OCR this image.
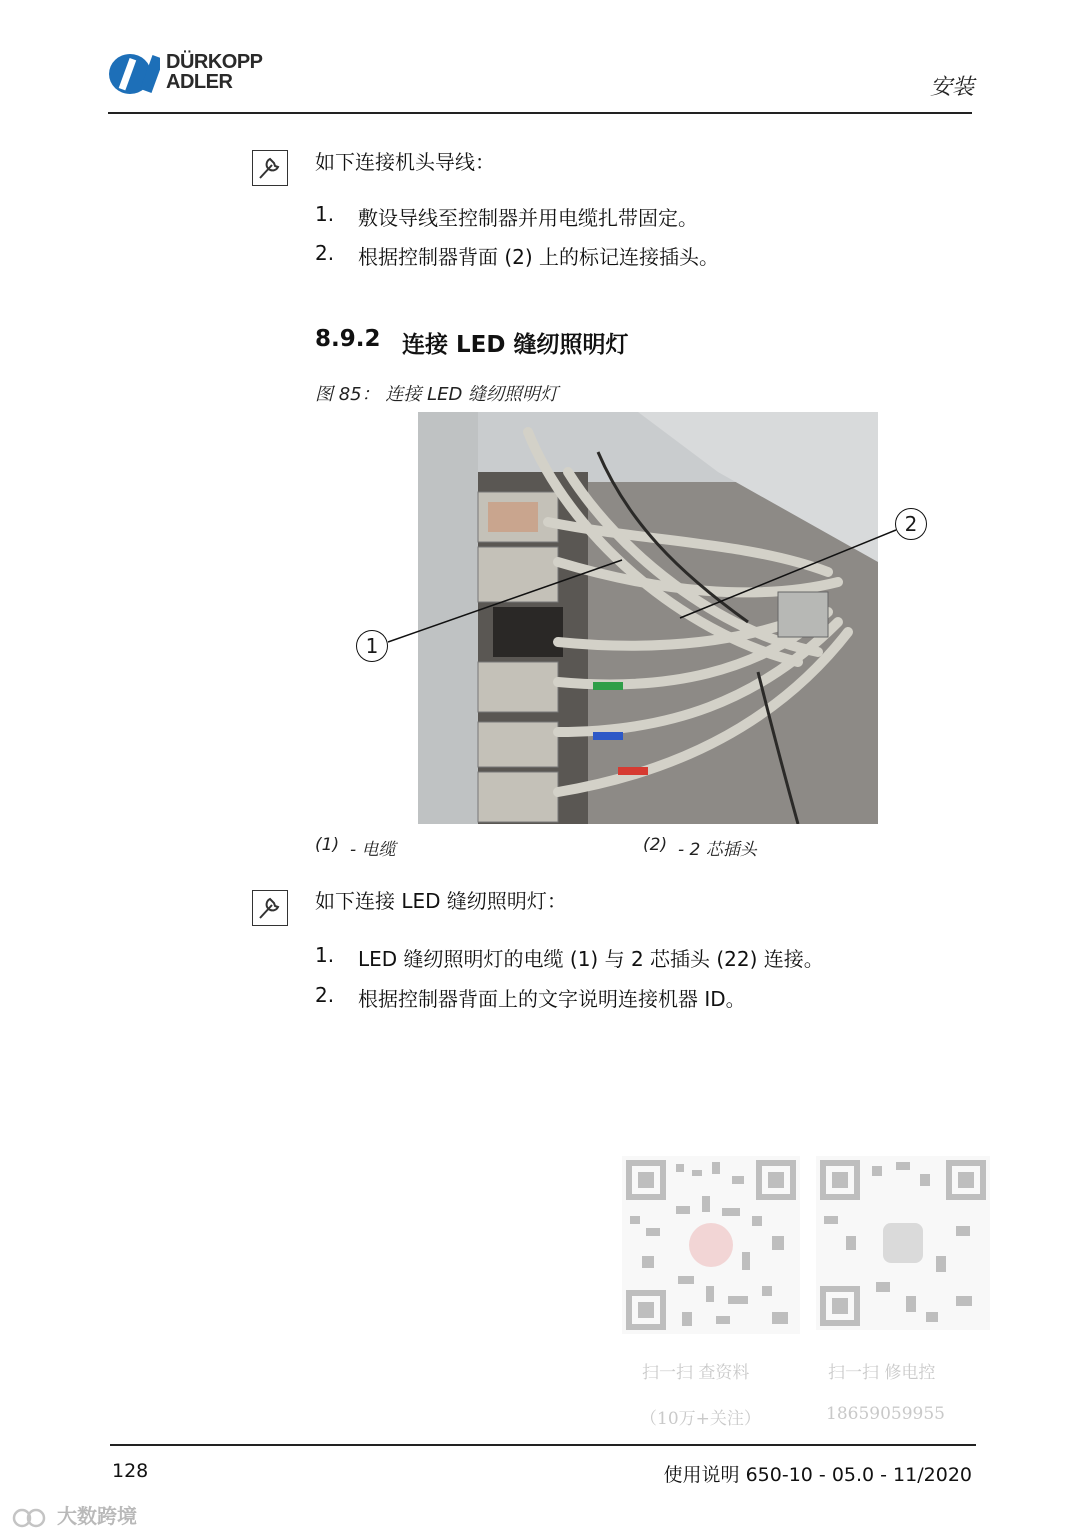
DÜRKOPP
ADLER	安装
如下连接机头导线：
1. 敷设导线至控制器并用电缆扎带固定。
2. 根据控制器背面 (2) 上的标记连接插头。
8.9.2 连接 LED 缝纫照明灯
图 85： 连接 LED 缝纫照明灯
1
2
(1) - 电缆	(2) - 2 芯插头
如下连接 LED 缝纫照明灯：
1. LED 缝纫照明灯的电缆 (1) 与 2 芯插头 (22) 连接。
2. 根据控制器背面上的文字说明连接机器 ID。
扫一扫 查资料
（10万+关注）
扫一扫 修电控
18659059955
128	使用说明 650-10 - 05.0 - 11/2020
大数跨境
